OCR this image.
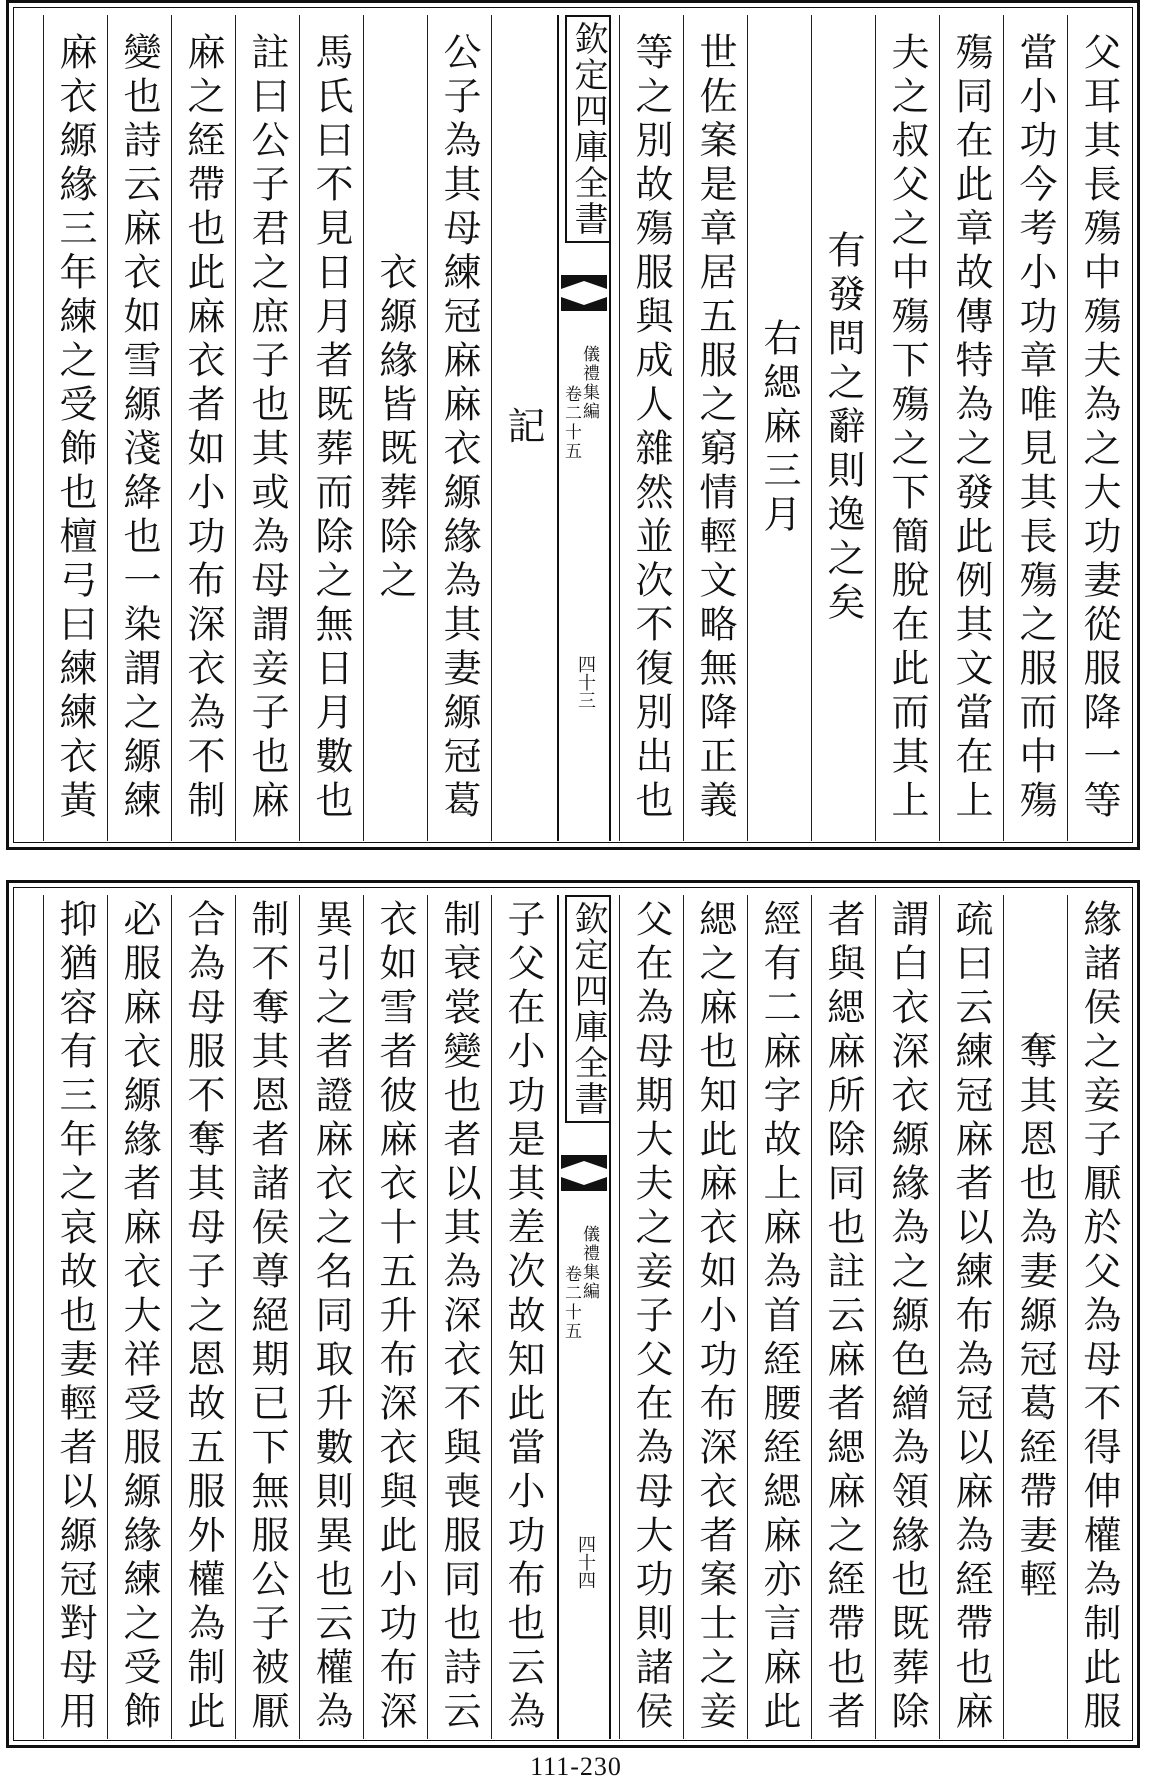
父耳其長殤中殤夫為之大功妻從服降一等
當小功今考小功章唯見其長殤之服而中殤
殤同在此章故傳特為之發此例其文當在上
夫之叔父之中殤下殤之下簡脫在此而其上
有發問之辭則逸之矣
右緦麻三月
世佐案是章居五服之窮情輕文略無降正義
等之別故殤服與成人雜然並次不復別出也
欽定四庫全書
儀禮集編
卷二十五
四十三
記
公子為其母練冠麻麻衣縓緣為其妻縓冠葛
衣縓緣皆既葬除之
馬氏曰不見日月者既葬而除之無日月數也
註曰公子君之庶子也其或為母謂妾子也麻
麻之絰帶也此麻衣者如小功布深衣為不制
變也詩云麻衣如雪縓淺絳也一染謂之縓練
麻衣縓緣三年練之受飾也檀弓曰練練衣黃
緣諸侯之妾子厭於父為母不得伸權為制此服
奪其恩也為妻縓冠葛絰帶妻輕
疏曰云練冠麻者以練布為冠以麻為絰帶也麻
謂白衣深衣縓緣為之縓色繒為領緣也既葬除
者與緦麻所除同也註云麻者緦麻之絰帶也者
經有二麻字故上麻為首絰腰絰緦麻亦言麻此
緦之麻也知此麻衣如小功布深衣者案士之妾
父在為母期大夫之妾子父在為母大功則諸侯
欽定四庫全書
儀禮集編
卷二十五
四十四
子父在小功是其差次故知此當小功布也云為
制衰裳變也者以其為深衣不與喪服同也詩云
衣如雪者彼麻衣十五升布深衣與此小功布深
異引之者證麻衣之名同取升數則異也云權為
制不奪其恩者諸侯尊絕期已下無服公子被厭
合為母服不奪其母子之恩故五服外權為制此
必服麻衣縓緣者麻衣大祥受服縓緣練之受飾
抑猶容有三年之哀故也妻輕者以縓冠對母用
111-230
